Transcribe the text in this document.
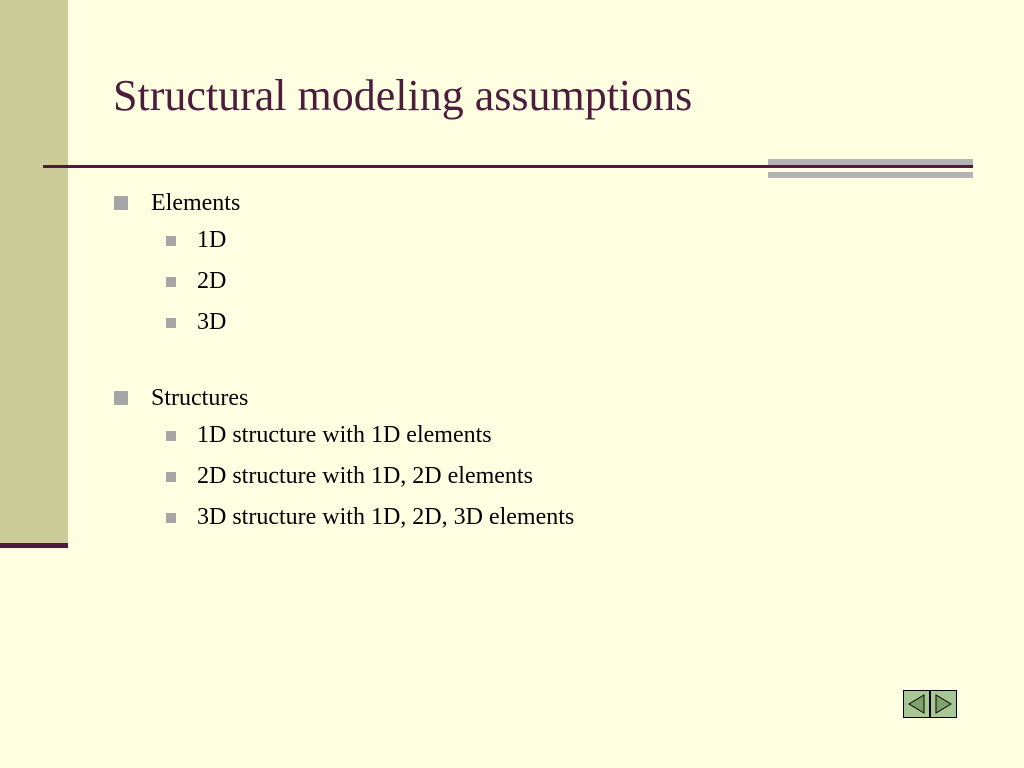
Structural modeling assumptions
Elements
1D
2D
3D
Structures
1D structure with 1D elements
2D structure with 1D, 2D elements
3D structure with 1D, 2D, 3D elements
